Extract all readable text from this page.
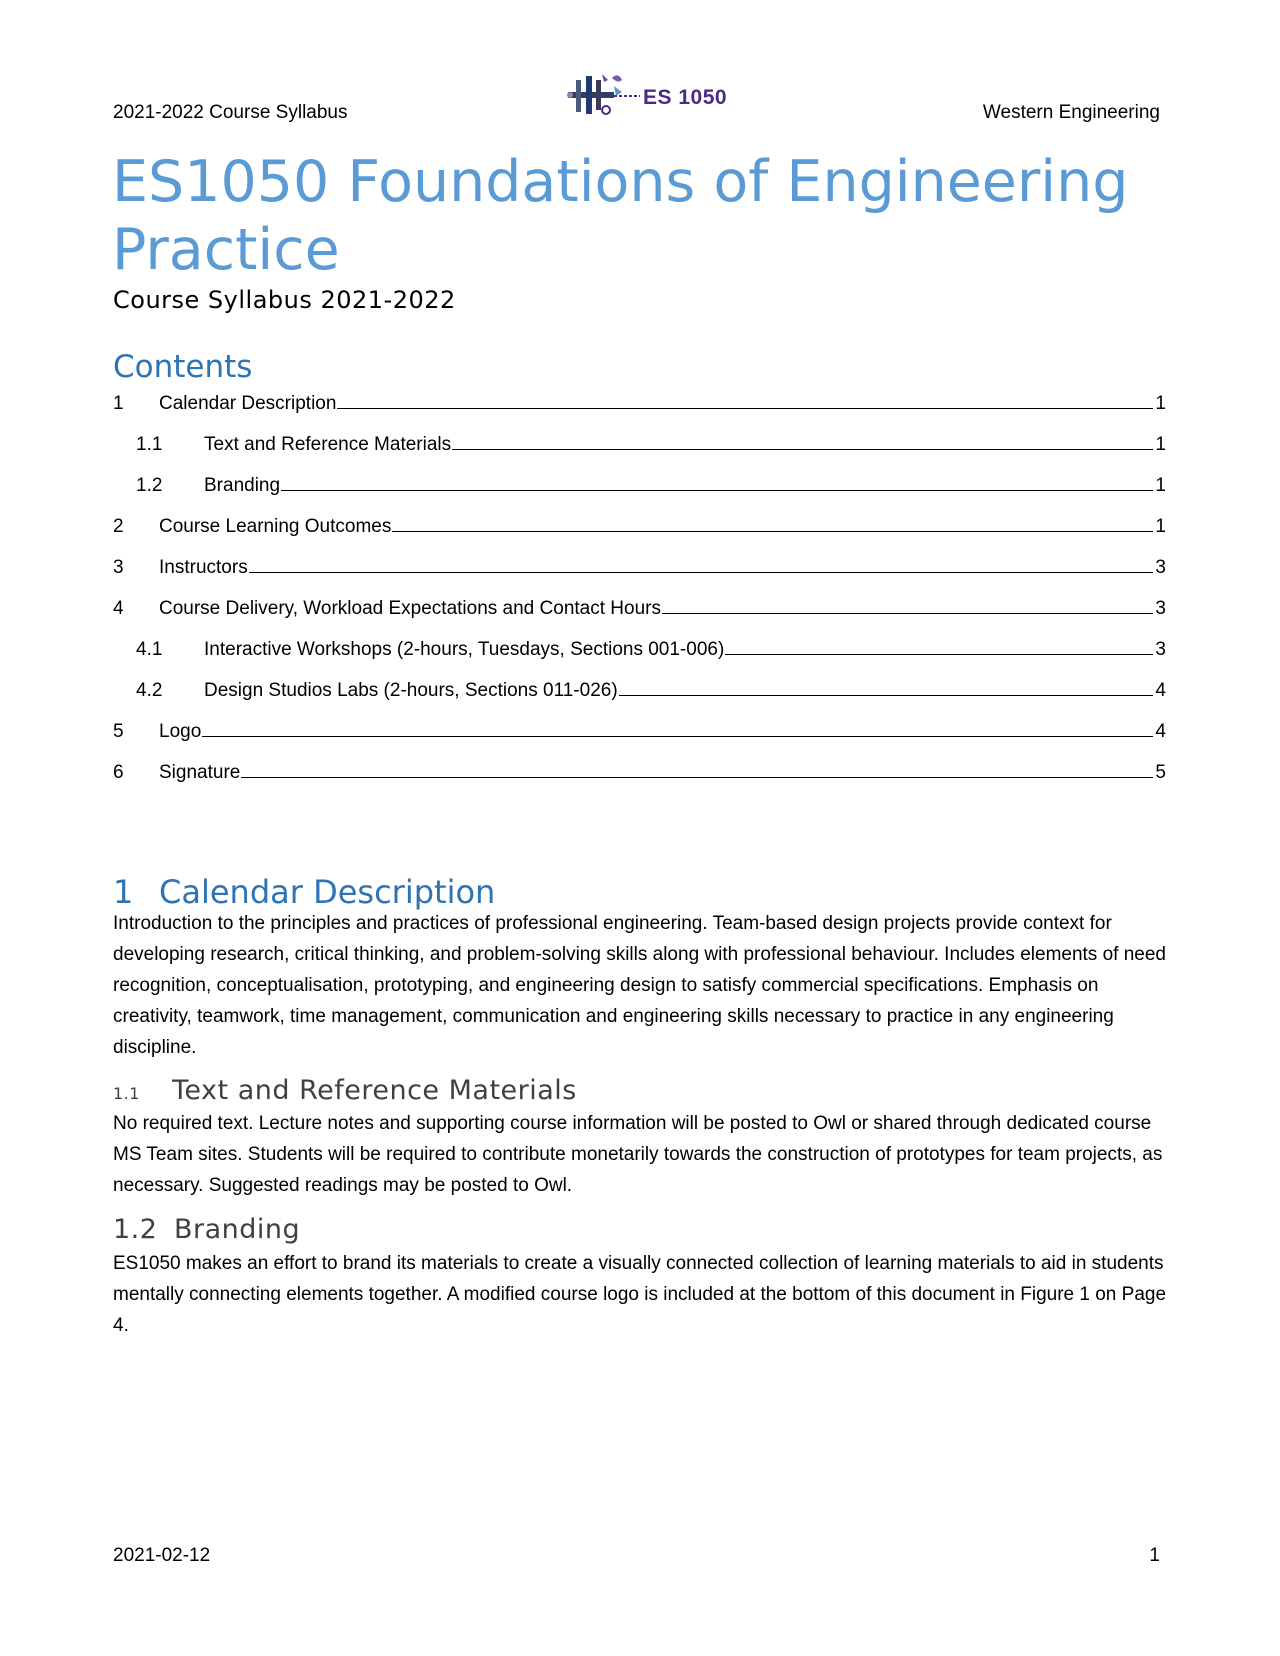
2021-2022 Course Syllabus
ES 1050
Western Engineering
ES1050 Foundations of Engineering Practice
Course Syllabus 2021-2022
Contents
1	Calendar Description	1
1.1	Text and Reference Materials	1
1.2	Branding	1
2	Course Learning Outcomes	1
3	Instructors	3
4	Course Delivery, Workload Expectations and Contact Hours	3
4.1	Interactive Workshops (2-hours, Tuesdays, Sections 001-006)	3
4.2	Design Studios Labs (2-hours, Sections 011-026)	4
5	Logo	4
6	Signature	5
1 Calendar Description

Introduction to the principles and practices of professional engineering. Team-based design projects provide context for developing research, critical thinking, and problem-solving skills along with professional behaviour. Includes elements of need recognition, conceptualisation, prototyping, and engineering design to satisfy commercial specifications. Emphasis on creativity, teamwork, time management, communication and engineering skills necessary to practice in any engineering discipline.

1.1 Text and Reference Materials

No required text. Lecture notes and supporting course information will be posted to Owl or shared through dedicated course MS Team sites. Students will be required to contribute monetarily towards the construction of prototypes for team projects, as necessary. Suggested readings may be posted to Owl.

1.2 Branding

ES1050 makes an effort to brand its materials to create a visually connected collection of learning materials to aid in students mentally connecting elements together. A modified course logo is included at the bottom of this document in Figure 1 on Page 4.

2021-02-12	1
